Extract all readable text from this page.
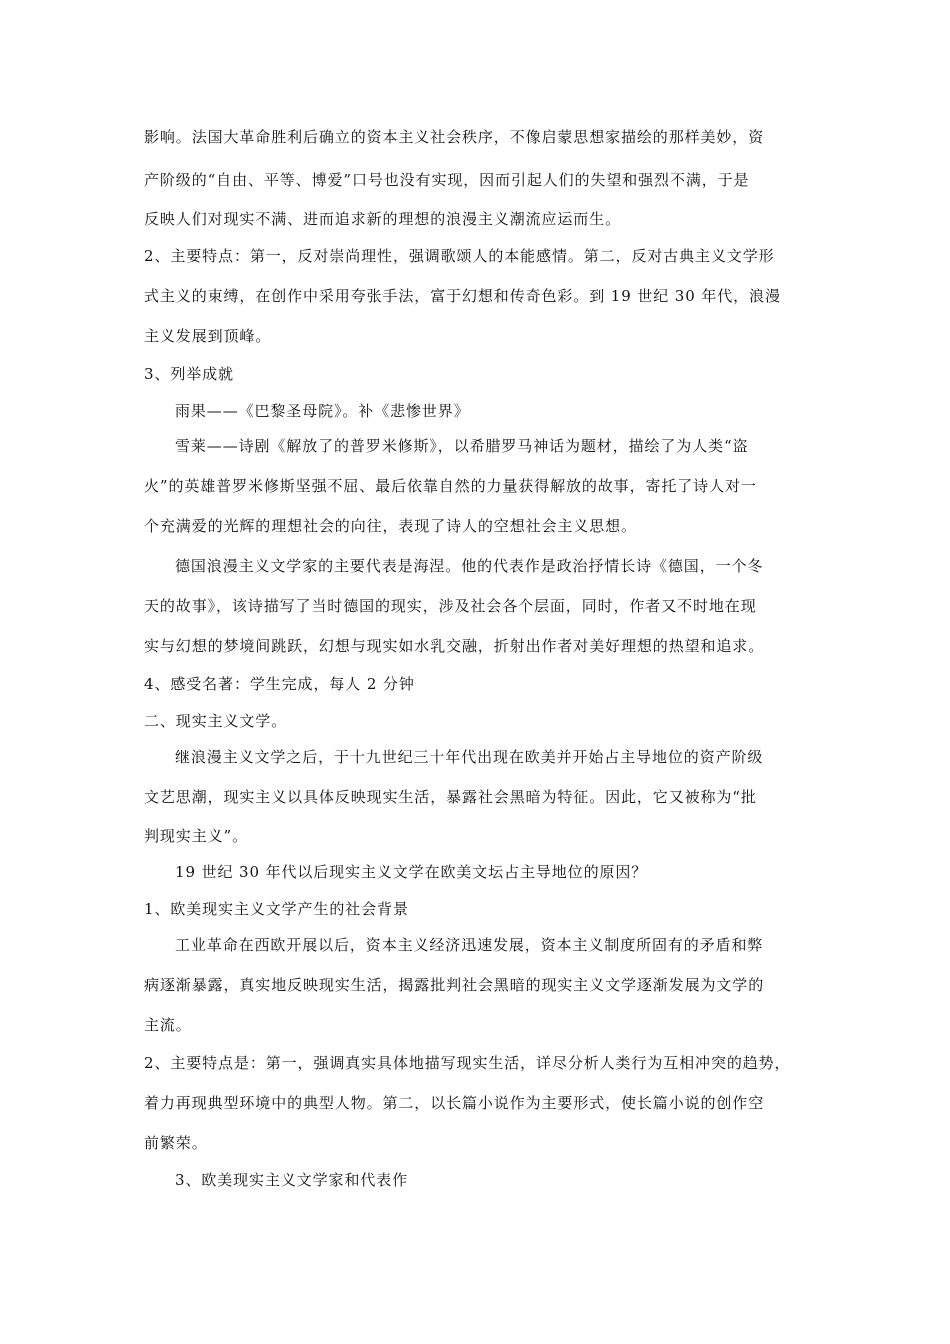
影响。法国大革命胜利后确立的资本主义社会秩序，不像启蒙思想家描绘的那样美妙，资
产阶级的“自由、平等、博爱”口号也没有实现，因而引起人们的失望和强烈不满，于是
反映人们对现实不满、进而追求新的理想的浪漫主义潮流应运而生。
2、主要特点：第一，反对崇尚理性，强调歌颂人的本能感情。第二，反对古典主义文学形
式主义的束缚，在创作中采用夸张手法，富于幻想和传奇色彩。到 19 世纪 30 年代，浪漫
主义发展到顶峰。
3、列举成就
雨果——《巴黎圣母院》。补《悲惨世界》
雪莱——诗剧《解放了的普罗米修斯》，以希腊罗马神话为题材，描绘了为人类“盗
火”的英雄普罗米修斯坚强不屈、最后依靠自然的力量获得解放的故事，寄托了诗人对一
个充满爱的光辉的理想社会的向往，表现了诗人的空想社会主义思想。
德国浪漫主义文学家的主要代表是海涅。他的代表作是政治抒情长诗《德国，一个冬
天的故事》，该诗描写了当时德国的现实，涉及社会各个层面，同时，作者又不时地在现
实与幻想的梦境间跳跃，幻想与现实如水乳交融，折射出作者对美好理想的热望和追求。
4、感受名著：学生完成，每人 2 分钟
二、现实主义文学。
继浪漫主义文学之后，于十九世纪三十年代出现在欧美并开始占主导地位的资产阶级
文艺思潮，现实主义以具体反映现实生活，暴露社会黑暗为特征。因此，它又被称为“批
判现实主义”。
19 世纪 30 年代以后现实主义文学在欧美文坛占主导地位的原因？
1、欧美现实主义文学产生的社会背景
工业革命在西欧开展以后，资本主义经济迅速发展，资本主义制度所固有的矛盾和弊
病逐渐暴露，真实地反映现实生活，揭露批判社会黑暗的现实主义文学逐渐发展为文学的
主流。
2、主要特点是：第一，强调真实具体地描写现实生活，详尽分析人类行为互相冲突的趋势，
着力再现典型环境中的典型人物。第二，以长篇小说作为主要形式，使长篇小说的创作空
前繁荣。
3、欧美现实主义文学家和代表作
